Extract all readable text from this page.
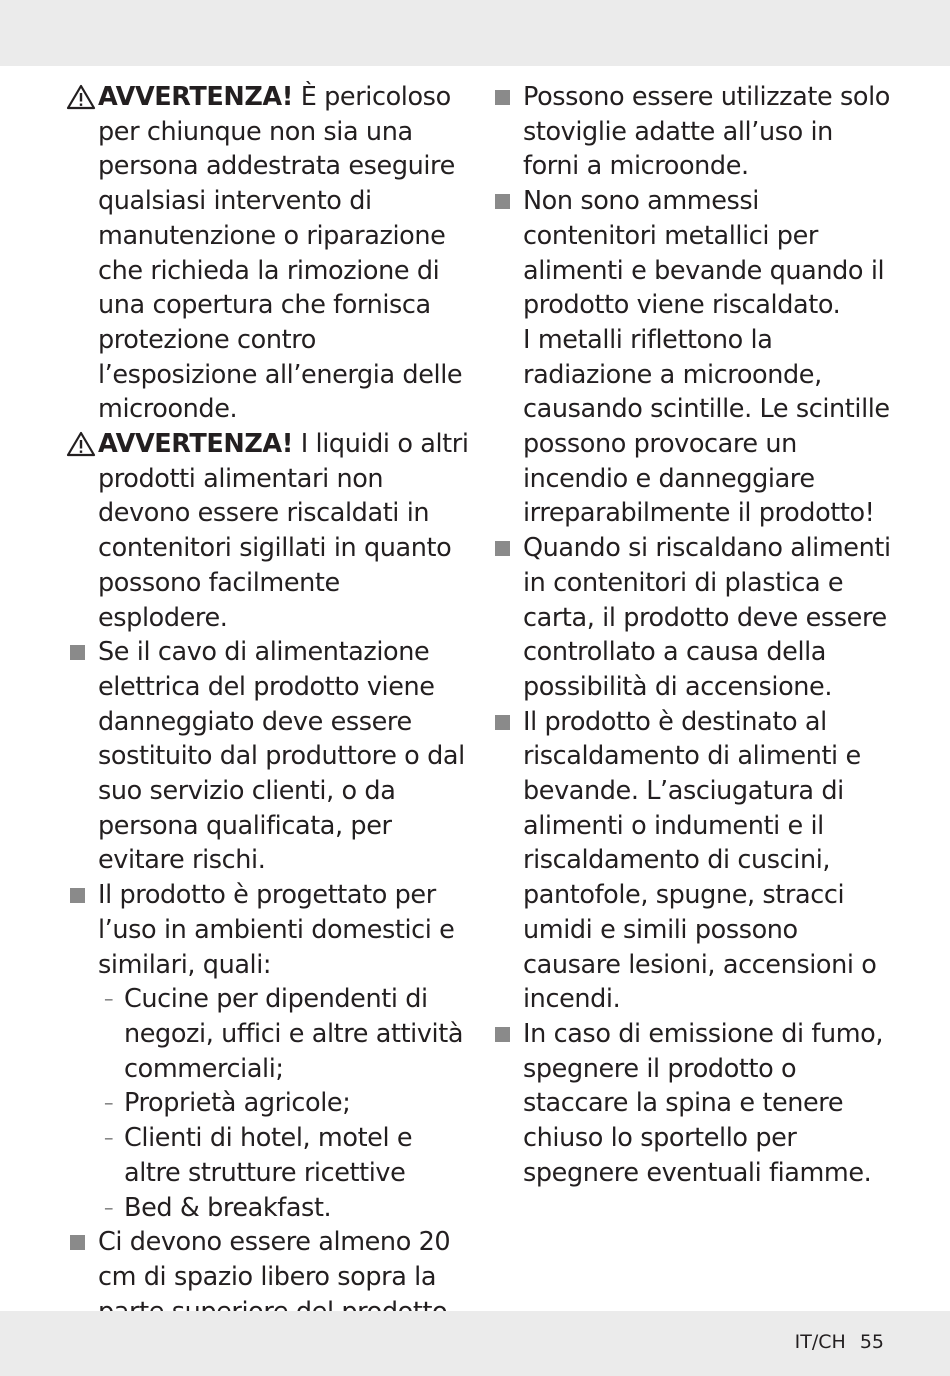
AVVERTENZA! È pericoloso per chiunque non sia una persona addestrata eseguire qualsiasi intervento di manutenzione o riparazione che richieda la rimozione di una copertura che fornisca protezione contro l’esposizione all’energia delle microonde.
AVVERTENZA! I liquidi o altri prodotti alimentari non devono essere riscaldati in contenitori sigillati in quanto possono facilmente esplodere.
Se il cavo di alimentazione elettrica del prodotto viene danneggiato deve essere sostituito dal produttore o dal suo servizio clienti, o da persona qualificata, per evitare rischi.
Il prodotto è progettato per l’uso in ambienti domestici e similari, quali:
– Cucine per dipendenti di negozi, uffici e altre attività commerciali;
– Proprietà agricole;
– Clienti di hotel, motel e altre strutture ricettive
– Bed & breakfast.
Ci devono essere almeno 20 cm di spazio libero sopra la
Possono essere utilizzate solo stoviglie adatte all’uso in forni a microonde.
Non sono ammessi contenitori metallici per alimenti e bevande quando il prodotto viene riscaldato.
I metalli riflettono la radiazione a microonde, causando scintille. Le scintille possono provocare un incendio e danneggiare irreparabilmente il prodotto!
Quando si riscaldano alimenti in contenitori di plastica e carta, il prodotto deve essere controllato a causa della possibilità di accensione.
Il prodotto è destinato al riscaldamento di alimenti e bevande. L’asciugatura di alimenti o indumenti e il riscaldamento di cuscini, pantofole, spugne, stracci umidi e simili possono causare lesioni, accensioni o incendi.
In caso di emissione di fumo, spegnere il prodotto o staccare la spina e tenere chiuso lo sportello per spegnere eventuali fiamme.
IT/CH 55
